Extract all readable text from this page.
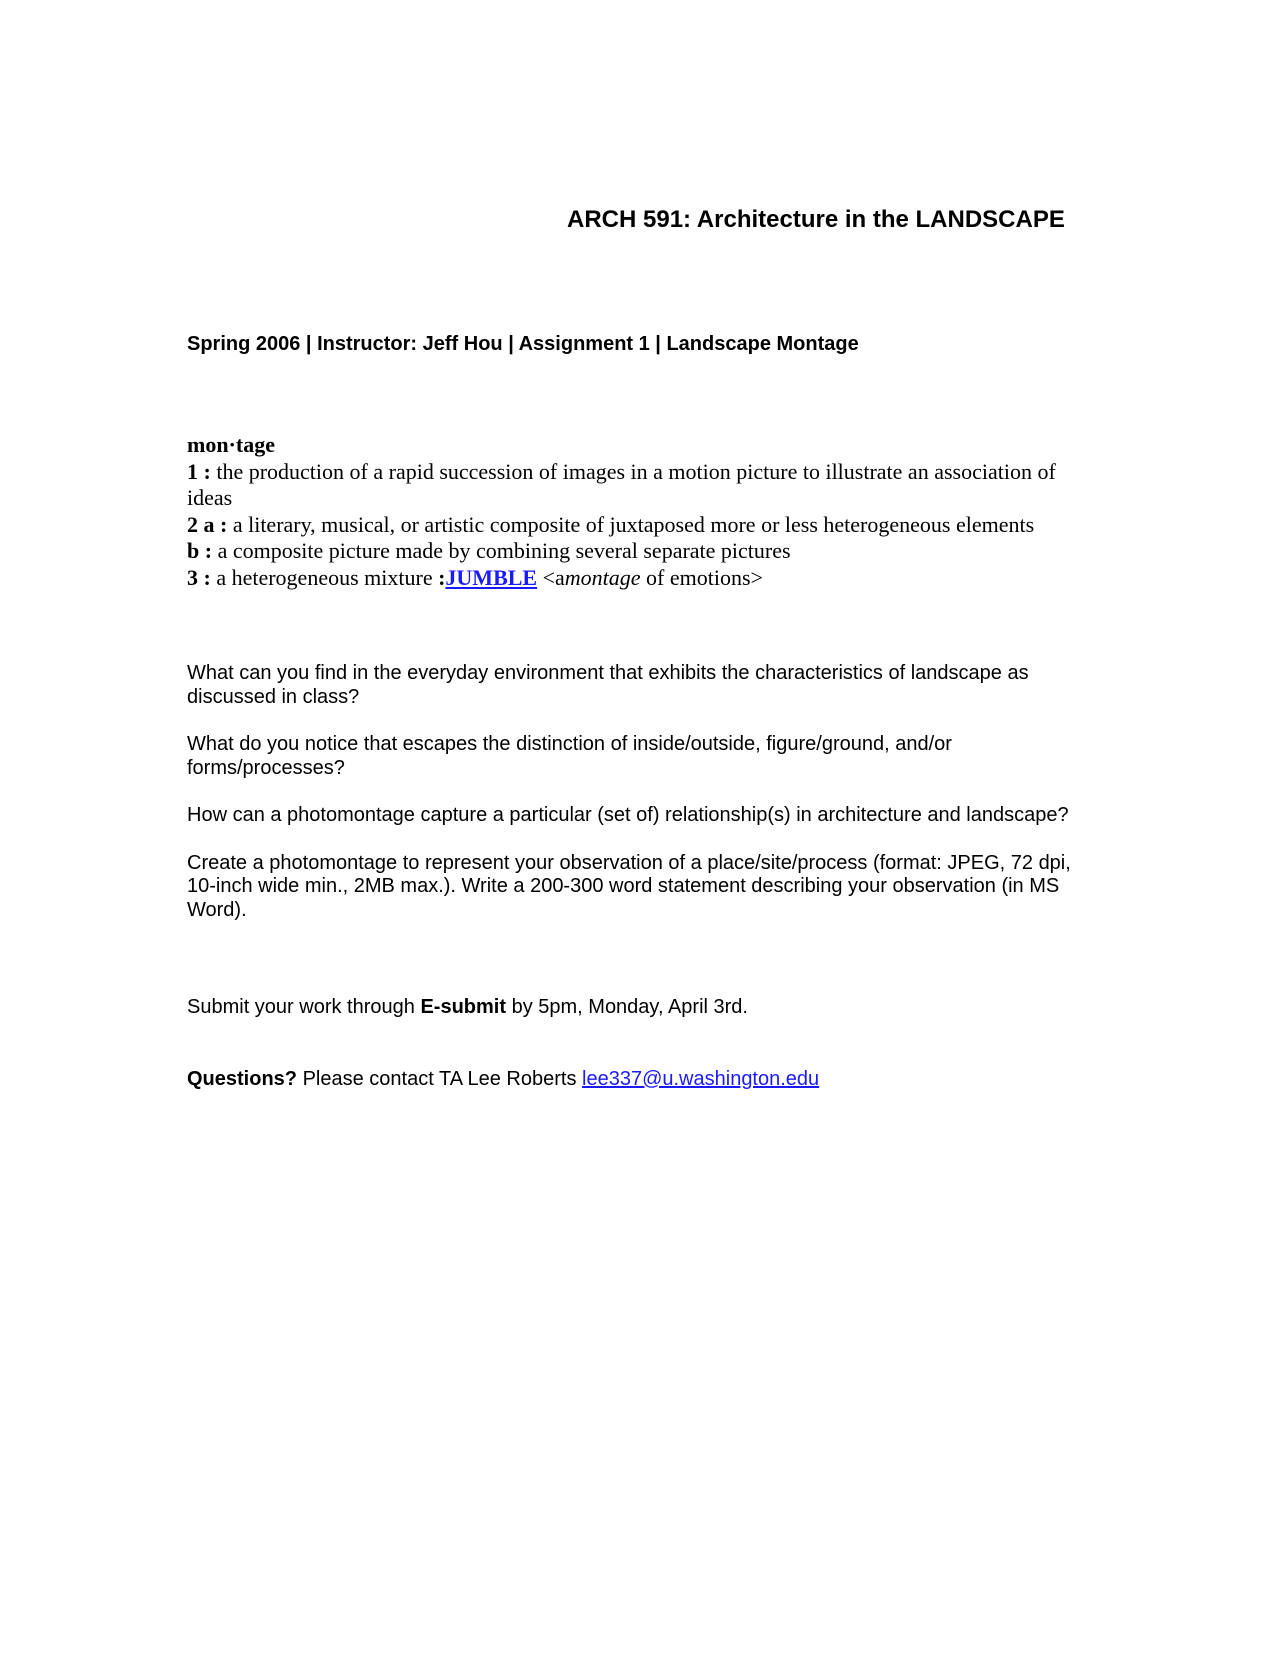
ARCH 591: Architecture in the LANDSCAPE
Spring 2006 | Instructor: Jeff Hou | Assignment 1 | Landscape Montage
mon·tage
1 : the production of a rapid succession of images in a motion picture to illustrate an association of ideas
2 a : a literary, musical, or artistic composite of juxtaposed more or less heterogeneous elements
b : a composite picture made by combining several separate pictures
3 : a heterogeneous mixture :JUMBLE <amontage of emotions>

What can you find in the everyday environment that exhibits the characteristics of landscape as discussed in class?

What do you notice that escapes the distinction of inside/outside, figure/ground, and/or forms/processes?

How can a photomontage capture a particular (set of) relationship(s) in architecture and landscape?

Create a photomontage to represent your observation of a place/site/process (format: JPEG, 72 dpi, 10-inch wide min., 2MB max.). Write a 200-300 word statement describing your observation (in MS Word).

Submit your work through E-submit by 5pm, Monday, April 3rd.
Questions? Please contact TA Lee Roberts lee337@u.washington.edu
